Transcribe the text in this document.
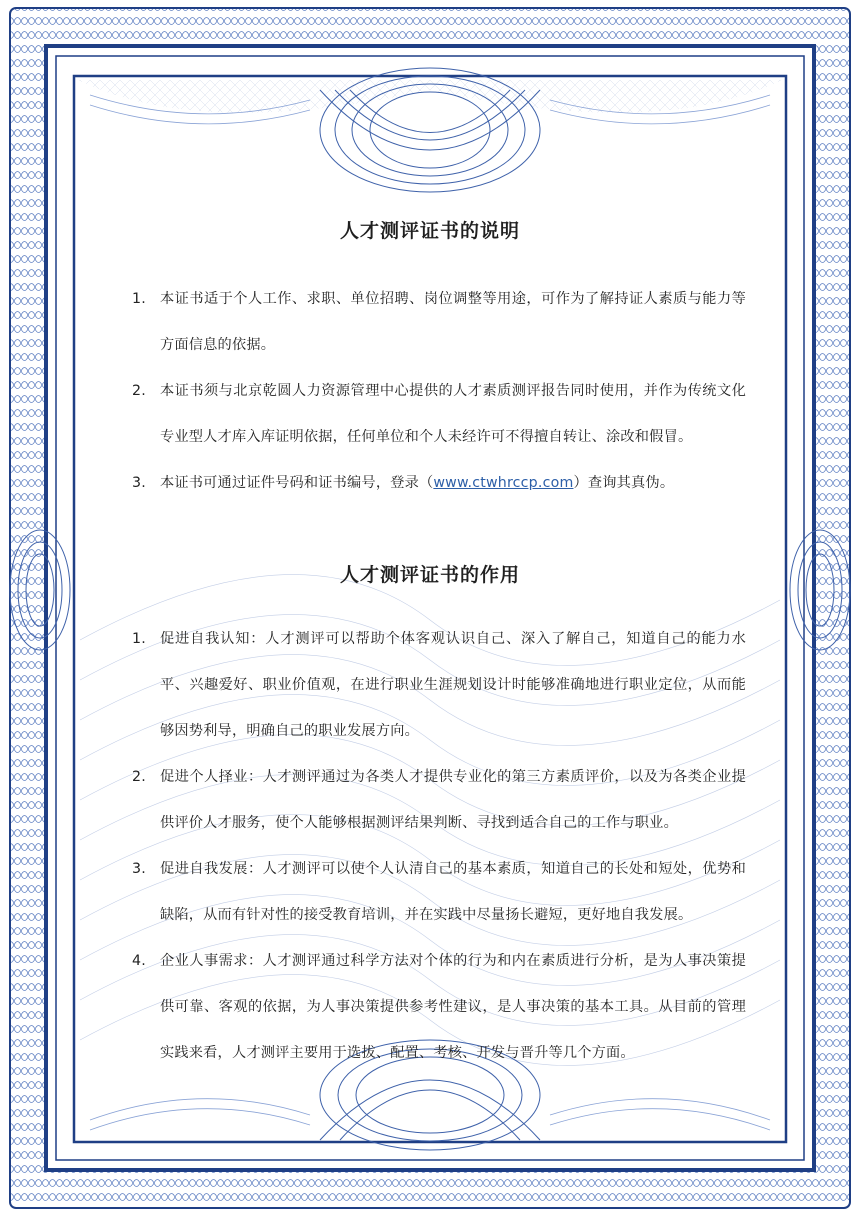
人才测评证书的说明
1. 本证书适于个人工作、求职、单位招聘、岗位调整等用途，可作为了解持证人素质与能力等方面信息的依据。
2. 本证书须与北京乾圆人力资源管理中心提供的人才素质测评报告同时使用，并作为传统文化专业型人才库入库证明依据，任何单位和个人未经许可不得擅自转让、涂改和假冒。
3. 本证书可通过证件号码和证书编号，登录（www.ctwhrccp.com）查询其真伪。
人才测评证书的作用
1. 促进自我认知：人才测评可以帮助个体客观认识自己、深入了解自己，知道自己的能力水平、兴趣爱好、职业价值观，在进行职业生涯规划设计时能够准确地进行职业定位，从而能够因势利导，明确自己的职业发展方向。
2. 促进个人择业：人才测评通过为各类人才提供专业化的第三方素质评价，以及为各类企业提供评价人才服务，使个人能够根据测评结果判断、寻找到适合自己的工作与职业。
3. 促进自我发展：人才测评可以使个人认清自己的基本素质，知道自己的长处和短处，优势和缺陷，从而有针对性的接受教育培训，并在实践中尽量扬长避短，更好地自我发展。
4. 企业人事需求：人才测评通过科学方法对个体的行为和内在素质进行分析，是为人事决策提供可靠、客观的依据，为人事决策提供参考性建议，是人事决策的基本工具。从目前的管理实践来看，人才测评主要用于选拔、配置、考核、开发与晋升等几个方面。
